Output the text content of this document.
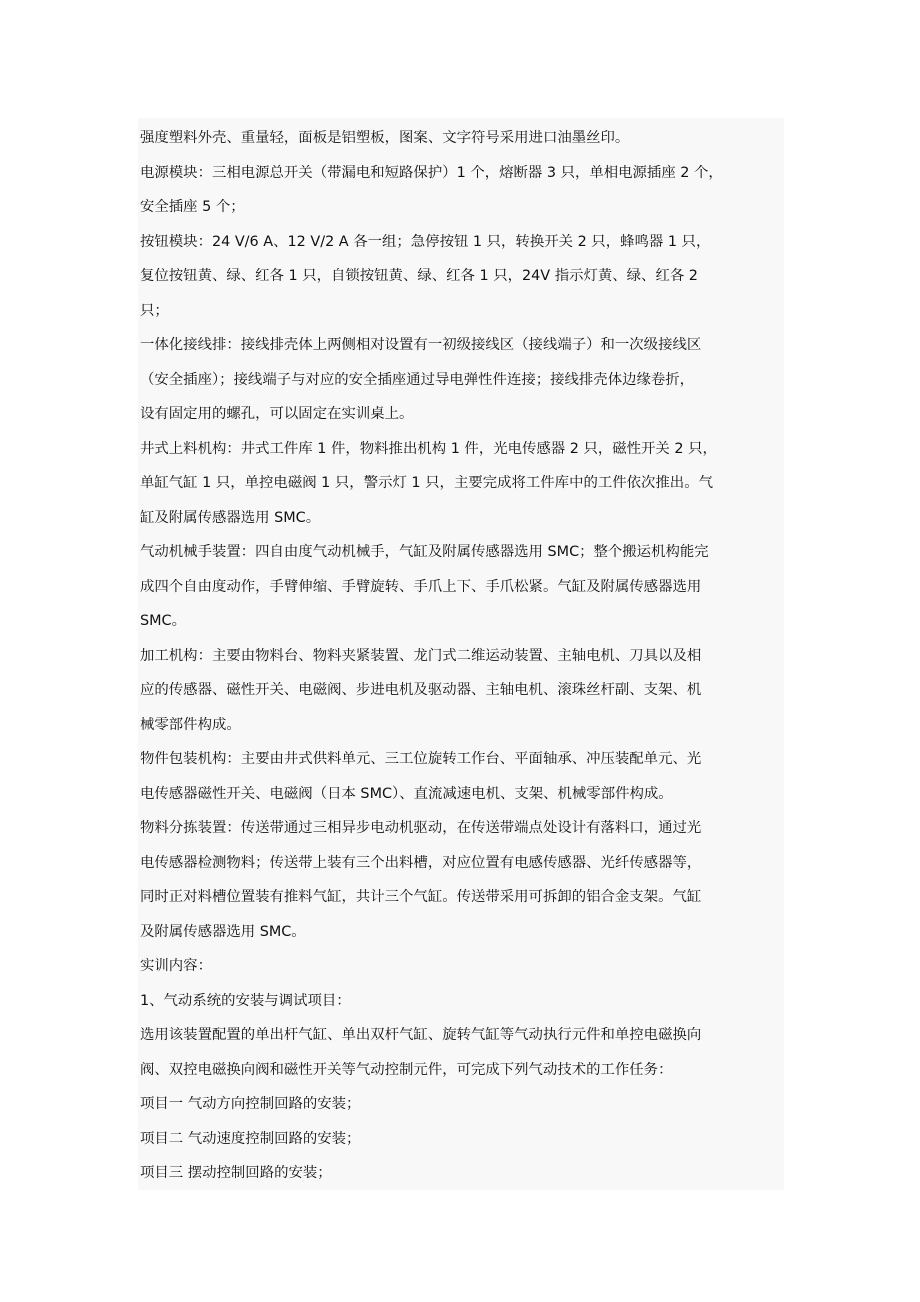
强度塑料外壳、重量轻，面板是铝塑板，图案、文字符号采用进口油墨丝印。

电源模块：三相电源总开关（带漏电和短路保护）1 个，熔断器 3 只，单相电源插座 2 个，
安全插座 5 个；

按钮模块：24 V/6 A、12 V/2 A 各一组；急停按钮 1 只，转换开关 2 只，蜂鸣器 1 只，
复位按钮黄、绿、红各 1 只，自锁按钮黄、绿、红各 1 只，24V 指示灯黄、绿、红各 2
只；

一体化接线排：接线排壳体上两侧相对设置有一初级接线区（接线端子）和一次级接线区
（安全插座）；接线端子与对应的安全插座通过导电弹性件连接；接线排壳体边缘卷折，
设有固定用的螺孔，可以固定在实训桌上。

井式上料机构：井式工件库 1 件，物料推出机构 1 件，光电传感器 2 只，磁性开关 2 只，
单缸气缸 1 只，单控电磁阀 1 只，警示灯 1 只，主要完成将工件库中的工件依次推出。气
缸及附属传感器选用 SMC。

气动机械手装置：四自由度气动机械手，气缸及附属传感器选用 SMC；整个搬运机构能完
成四个自由度动作，手臂伸缩、手臂旋转、手爪上下、手爪松紧。气缸及附属传感器选用
SMC。

加工机构：主要由物料台、物料夹紧装置、龙门式二维运动装置、主轴电机、刀具以及相
应的传感器、磁性开关、电磁阀、步进电机及驱动器、主轴电机、滚珠丝杆副、支架、机
械零部件构成。

物件包装机构：主要由井式供料单元、三工位旋转工作台、平面轴承、冲压装配单元、光
电传感器磁性开关、电磁阀（日本 SMC）、直流减速电机、支架、机械零部件构成。

物料分拣装置：传送带通过三相异步电动机驱动，在传送带端点处设计有落料口，通过光
电传感器检测物料；传送带上装有三个出料槽，对应位置有电感传感器、光纤传感器等，
同时正对料槽位置装有推料气缸，共计三个气缸。传送带采用可拆卸的铝合金支架。气缸
及附属传感器选用 SMC。

实训内容：

1、气动系统的安装与调试项目：

选用该装置配置的单出杆气缸、单出双杆气缸、旋转气缸等气动执行元件和单控电磁换向
阀、双控电磁换向阀和磁性开关等气动控制元件，可完成下列气动技术的工作任务：

项目一 气动方向控制回路的安装；

项目二 气动速度控制回路的安装；

项目三 摆动控制回路的安装；
